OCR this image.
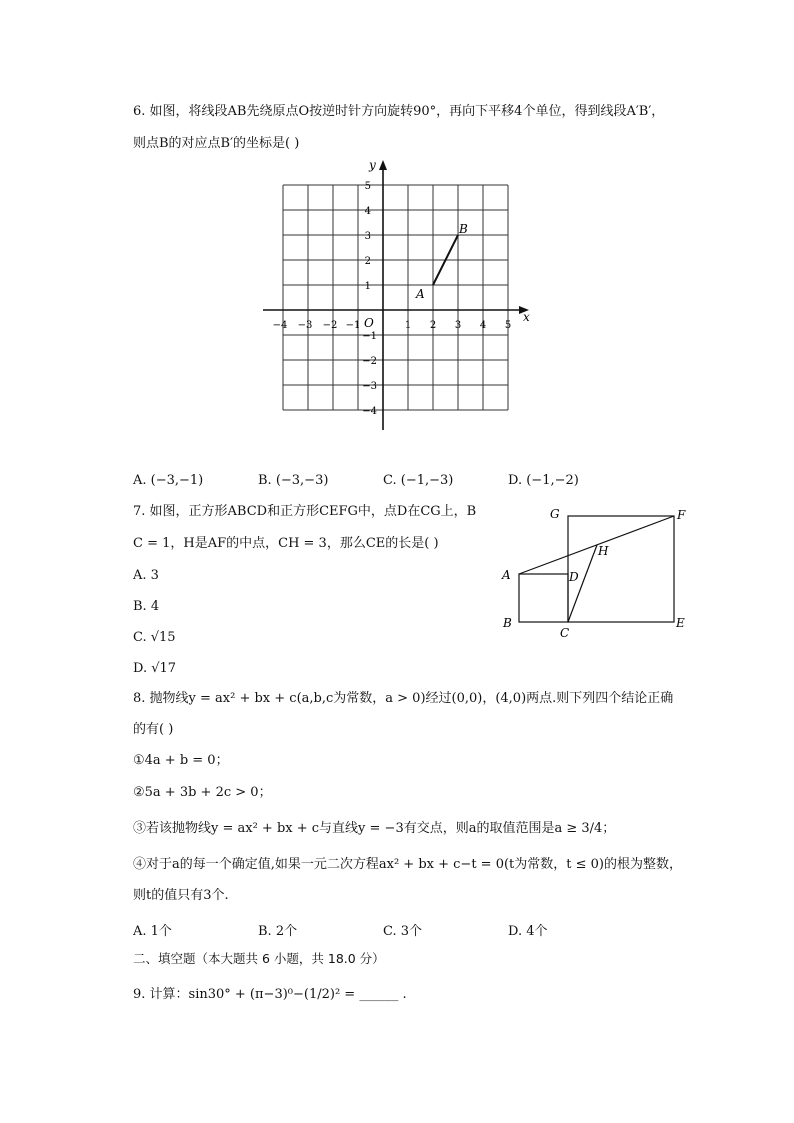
6. 如图，将线段AB先绕原点O按逆时针方向旋转90°，再向下平移4个单位，得到线段A′B′，
则点B的对应点B′的坐标是( )
x
y
O
−4 −3 −2 −1	1 2 3 4 5
5
4
3
2
1
−1
−2
−3
−4
A
B
A. (−3,−1)	B. (−3,−3)	C. (−1,−3)	D. (−1,−2)
7. 如图，正方形ABCD和正方形CEFG中，点D在CG上，B
C = 1，H是AF的中点，CH = 3，那么CE的长是( )
A. 3
B. 4
C. √15
D. √17
G	F
H
A	D
B
C
E
8. 抛物线y = ax² + bx + c(a,b,c为常数，a > 0)经过(0,0)，(4,0)两点.则下列四个结论正确
的有( )
①4a + b = 0；
②5a + 3b + 2c > 0；
③若该抛物线y = ax² + bx + c与直线y = −3有交点，则a的取值范围是a ≥ 3/4；
④对于a的每一个确定值,如果一元二次方程ax² + bx + c−t = 0(t为常数，t ≤ 0)的根为整数，
则t的值只有3个.
A. 1个	B. 2个	C. 3个	D. 4个
二、填空题（本大题共 6 小题，共 18.0 分）
9. 计算：sin30° + (π−3)⁰−(1/2)² = ______ .
